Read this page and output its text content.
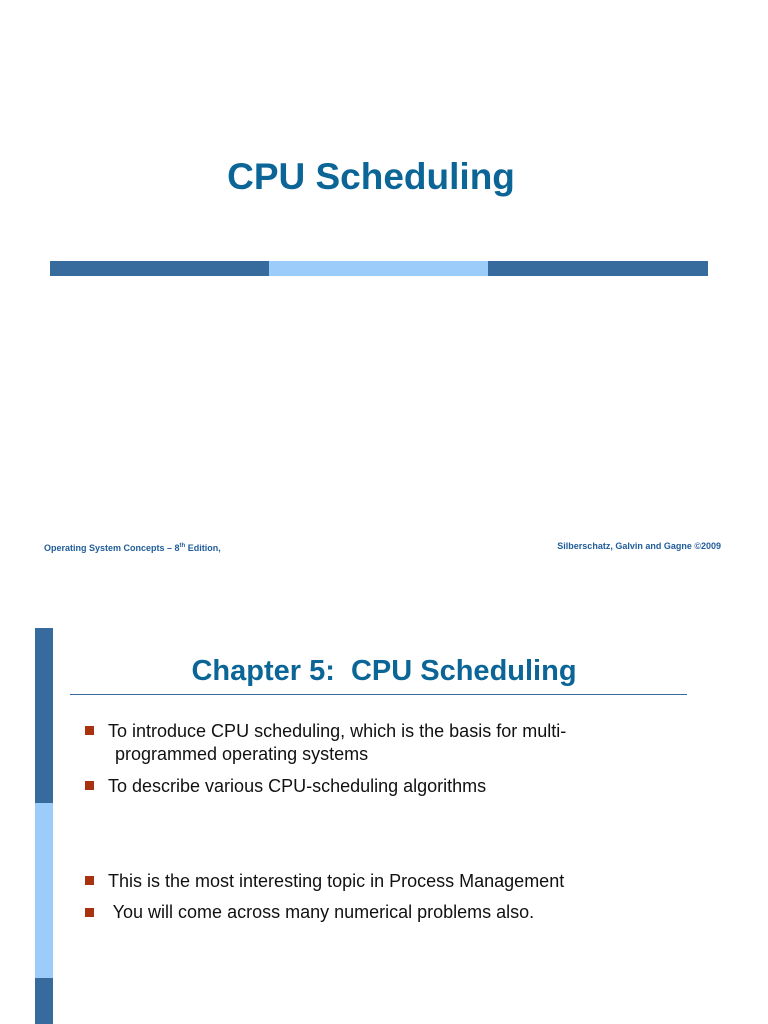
CPU Scheduling
Operating System Concepts – 8th Edition,	Silberschatz, Galvin and Gagne ©2009
Chapter 5:  CPU Scheduling
To introduce CPU scheduling, which is the basis for multi-
programmed operating systems
To describe various CPU-scheduling algorithms
This is the most interesting topic in Process Management
You will come across many numerical problems also.
